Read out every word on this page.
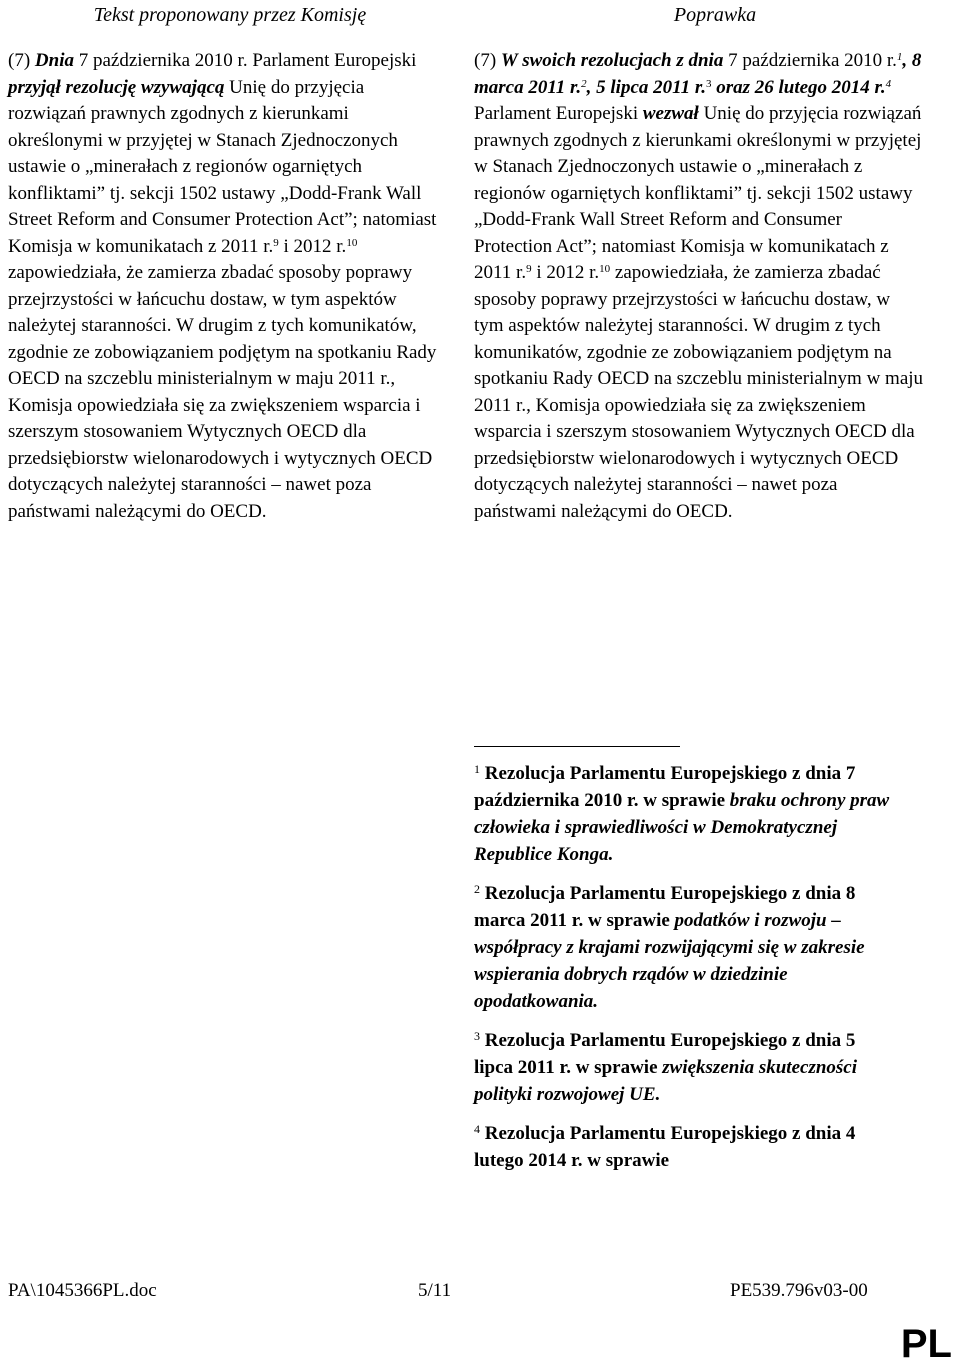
Tekst proponowany przez Komisję	Poprawka
(7) Dnia 7 października 2010 r. Parlament Europejski przyjął rezolucję wzywającą Unię do przyjęcia rozwiązań prawnych zgodnych z kierunkami określonymi w przyjętej w Stanach Zjednoczonych ustawie o „minerałach z regionów ogarniętych konfliktami” tj. sekcji 1502 ustawy „Dodd-Frank Wall Street Reform and Consumer Protection Act”; natomiast Komisja w komunikatach z 2011 r.$^9$ i 2012 r.$^{10}$ zapowiedziała, że zamierza zbadać sposoby poprawy przejrzystości w łańcuchu dostaw, w tym aspektów należytej staranności. W drugim z tych komunikatów, zgodnie ze zobowiązaniem podjętym na spotkaniu Rady OECD na szczeblu ministerialnym w maju 2011 r., Komisja opowiedziała się za zwiększeniem wsparcia i szerszym stosowaniem Wytycznych OECD dla przedsiębiorstw wielonarodowych i wytycznych OECD dotyczących należytej staranności – nawet poza państwami należącymi do OECD.
(7) W swoich rezolucjach z dnia 7 października 2010 r.$^1$, 8 marca 2011 r.$^2$, 5 lipca 2011 r.$^3$ oraz 26 lutego 2014 r.$^4$ Parlament Europejski wezwał Unię do przyjęcia rozwiązań prawnych zgodnych z kierunkami określonymi w przyjętej w Stanach Zjednoczonych ustawie o „minerałach z regionów ogarniętych konfliktami” tj. sekcji 1502 ustawy „Dodd-Frank Wall Street Reform and Consumer Protection Act”; natomiast Komisja w komunikatach z 2011 r.$^9$ i 2012 r.$^{10}$ zapowiedziała, że zamierza zbadać sposoby poprawy przejrzystości w łańcuchu dostaw, w tym aspektów należytej staranności. W drugim z tych komunikatów, zgodnie ze zobowiązaniem podjętym na spotkaniu Rady OECD na szczeblu ministerialnym w maju 2011 r., Komisja opowiedziała się za zwiększeniem wsparcia i szerszym stosowaniem Wytycznych OECD dla przedsiębiorstw wielonarodowych i wytycznych OECD dotyczących należytej staranności – nawet poza państwami należącymi do OECD.
$^1$ Rezolucja Parlamentu Europejskiego z dnia 7 października 2010 r. w sprawie braku ochrony praw człowieka i sprawiedliwości w Demokratycznej Republice Konga.
$^2$ Rezolucja Parlamentu Europejskiego z dnia 8 marca 2011 r. w sprawie podatków i rozwoju – współpracy z krajami rozwijającymi się w zakresie wspierania dobrych rządów w dziedzinie opodatkowania.
$^3$ Rezolucja Parlamentu Europejskiego z dnia 5 lipca 2011 r. w sprawie zwiększenia skuteczności polityki rozwojowej UE.
$^4$ Rezolucja Parlamentu Europejskiego z dnia 4 lutego 2014 r. w sprawie
PA\1045366PL.doc	5/11	PE539.796v03-00
PL
